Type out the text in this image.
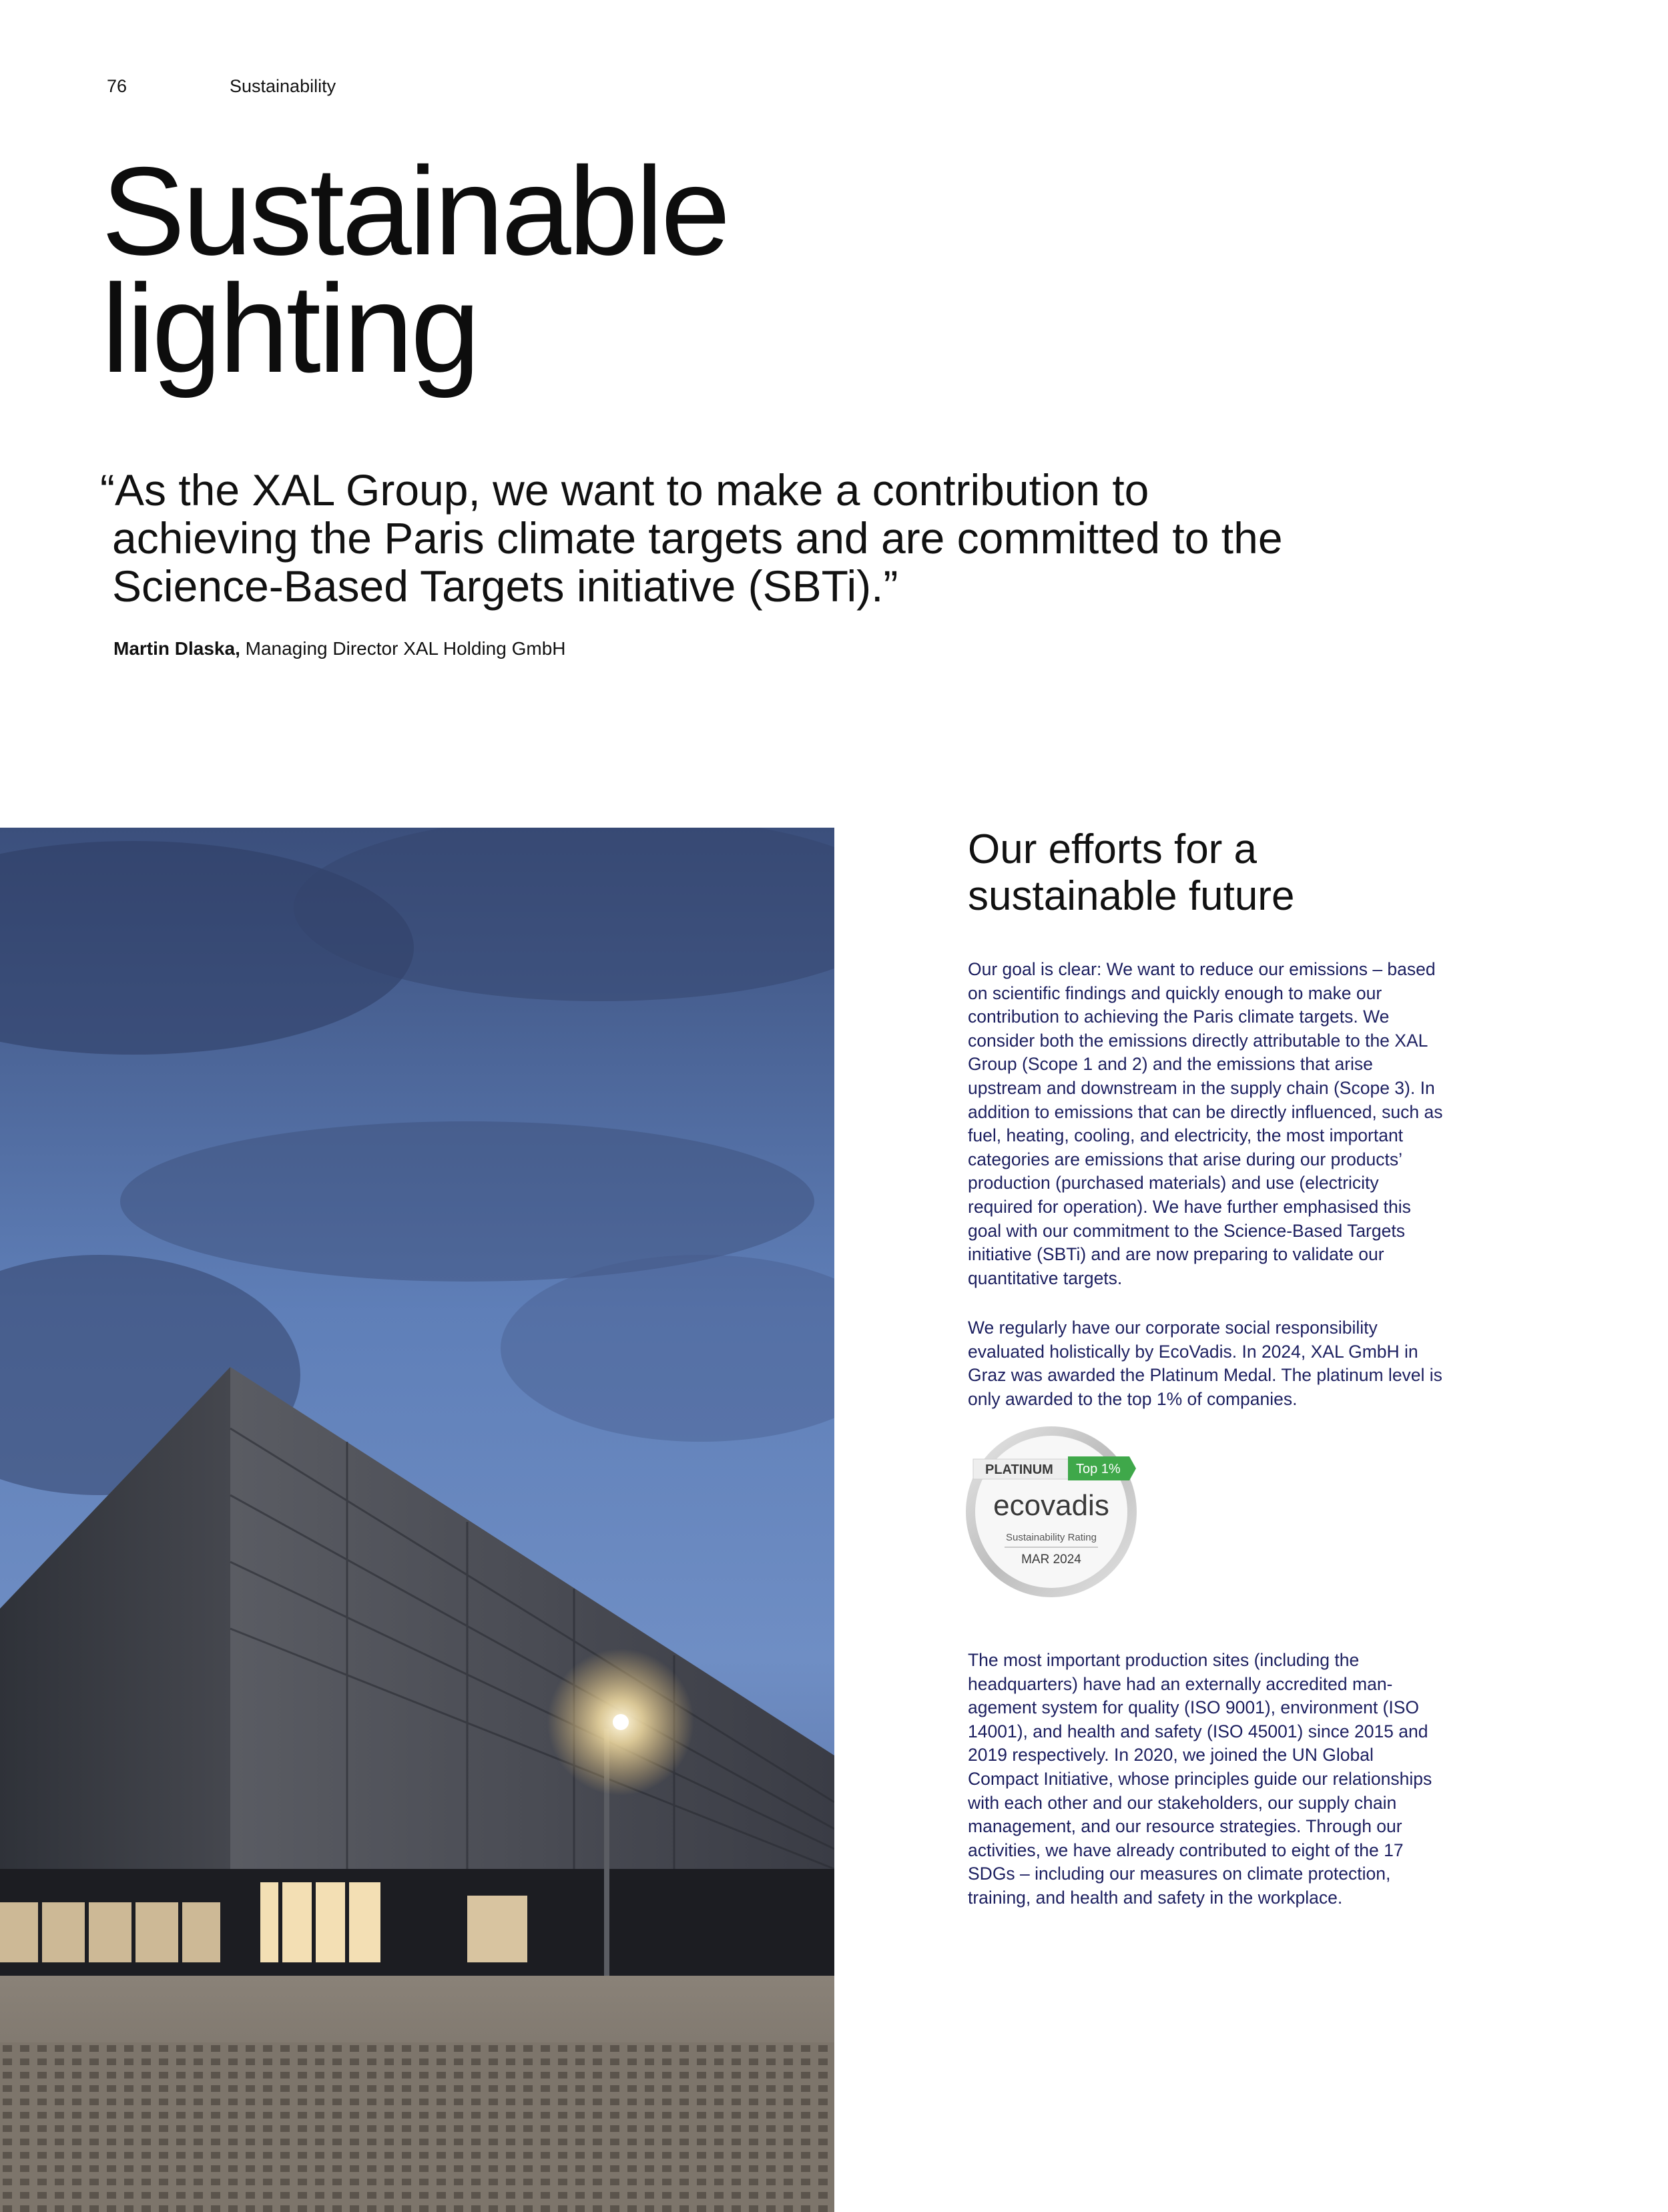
76	Sustainability
Sustainable
lighting

“As the XAL Group, we want to make a contribution to achieving the Paris climate targets and are committed to the Science-Based Targets initiative (SBTi).”

Martin Dlaska, Managing Director XAL Holding GmbH
Our efforts for a
sustainable future

Our goal is clear: We want to reduce our emissions – based on scientific findings and quickly enough to make our contribution to achieving the Paris climate targets. We consider both the emissions directly attributable to the XAL Group (Scope 1 and 2) and the emissions that arise upstream and downstream in the supply chain (Scope 3). In addition to emissions that can be directly influenced, such as fuel, heating, cooling, and electricity, the most important categories are emissions that arise during our products’ production (purchased materials) and use (electricity required for operation). We have further emphasised this goal with our commitment to the Science-Based Targets initiative (SBTi) and are now preparing to validate our quantitative targets.

We regularly have our corporate social responsibility evaluated holistically by EcoVadis. In 2024, XAL GmbH in Graz was awarded the Platinum Medal. The platinum level is only awarded to the top 1% of companies.

PLATINUM Top 1%
ecovadis
Sustainability Rating
MAR 2024

The most important production sites (including the headquarters) have had an externally accredited man-agement system for quality (ISO 9001), environment (ISO 14001), and health and safety (ISO 45001) since 2015 and 2019 respectively. In 2020, we joined the UN Global Compact Initiative, whose principles guide our relationships with each other and our stakeholders, our supply chain management, and our resource strategies. Through our activities, we have already contributed to eight of the 17 SDGs – including our measures on climate protection, training, and health and safety in the workplace.
